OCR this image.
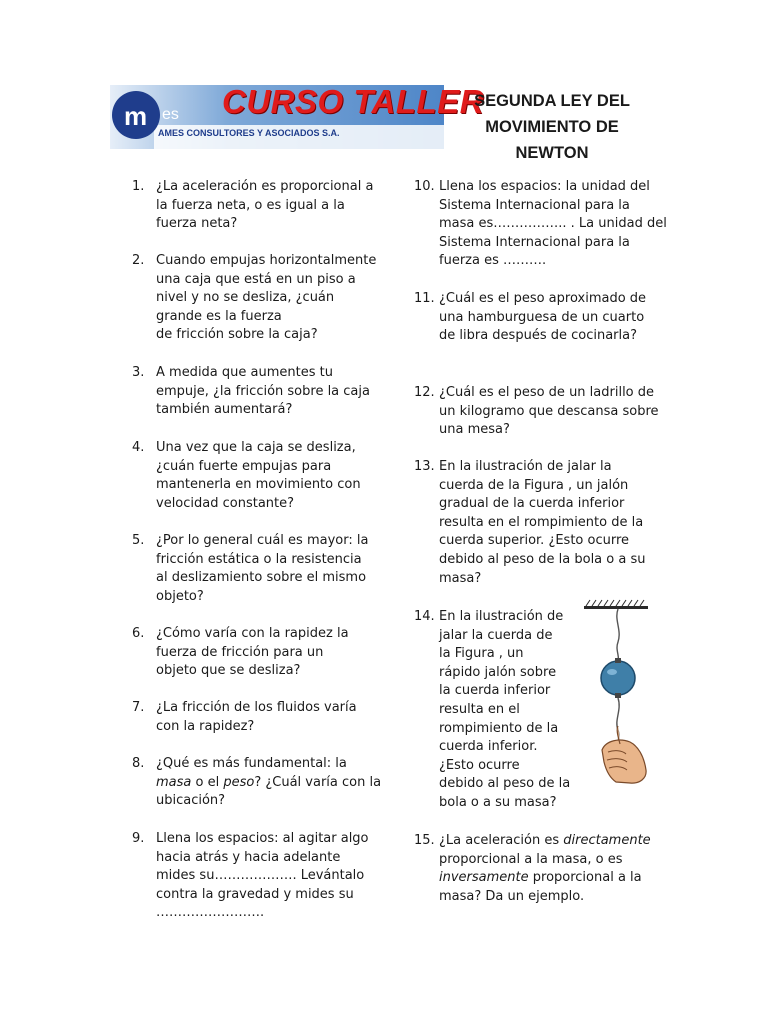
m es CURSO TALLER
AMES CONSULTORES Y ASOCIADOS S.A.
SEGUNDA LEY DEL
MOVIMIENTO DE
NEWTON
1. ¿La aceleración es proporcional a
la fuerza neta, o es igual a la
fuerza neta?
2. Cuando empujas horizontalmente
una caja que está en un piso a
nivel y no se desliza, ¿cuán
grande es la fuerza
de fricción sobre la caja?
3. A medida que aumentes tu
empuje, ¿la fricción sobre la caja
también aumentará?
4. Una vez que la caja se desliza,
¿cuán fuerte empujas para
mantenerla en movimiento con
velocidad constante?
5. ¿Por lo general cuál es mayor: la
fricción estática o la resistencia
al deslizamiento sobre el mismo
objeto?
6. ¿Cómo varía con la rapidez la
fuerza de fricción para un
objeto que se desliza?
7. ¿La fricción de los fluidos varía
con la rapidez?
8. ¿Qué es más fundamental: la
masa o el peso? ¿Cuál varía con la
ubicación?
9. Llena los espacios: al agitar algo
hacia atrás y hacia adelante
mides su………………. Levántalo
contra la gravedad y mides su
…………………….
10. Llena los espacios: la unidad del
Sistema Internacional para la
masa es…………….. . La unidad del
Sistema Internacional para la
fuerza es ……….
11. ¿Cuál es el peso aproximado de
una hamburguesa de un cuarto
de libra después de cocinarla?
12. ¿Cuál es el peso de un ladrillo de
un kilogramo que descansa sobre
una mesa?
13. En la ilustración de jalar la
cuerda de la Figura , un jalón
gradual de la cuerda inferior
resulta en el rompimiento de la
cuerda superior. ¿Esto ocurre
debido al peso de la bola o a su
masa?
14. En la ilustración de
jalar la cuerda de
la Figura , un
rápido jalón sobre
la cuerda inferior
resulta en el
rompimiento de la
cuerda inferior.
¿Esto ocurre
debido al peso de la
bola o a su masa?
15. ¿La aceleración es directamente
proporcional a la masa, o es
inversamente proporcional a la
masa? Da un ejemplo.
